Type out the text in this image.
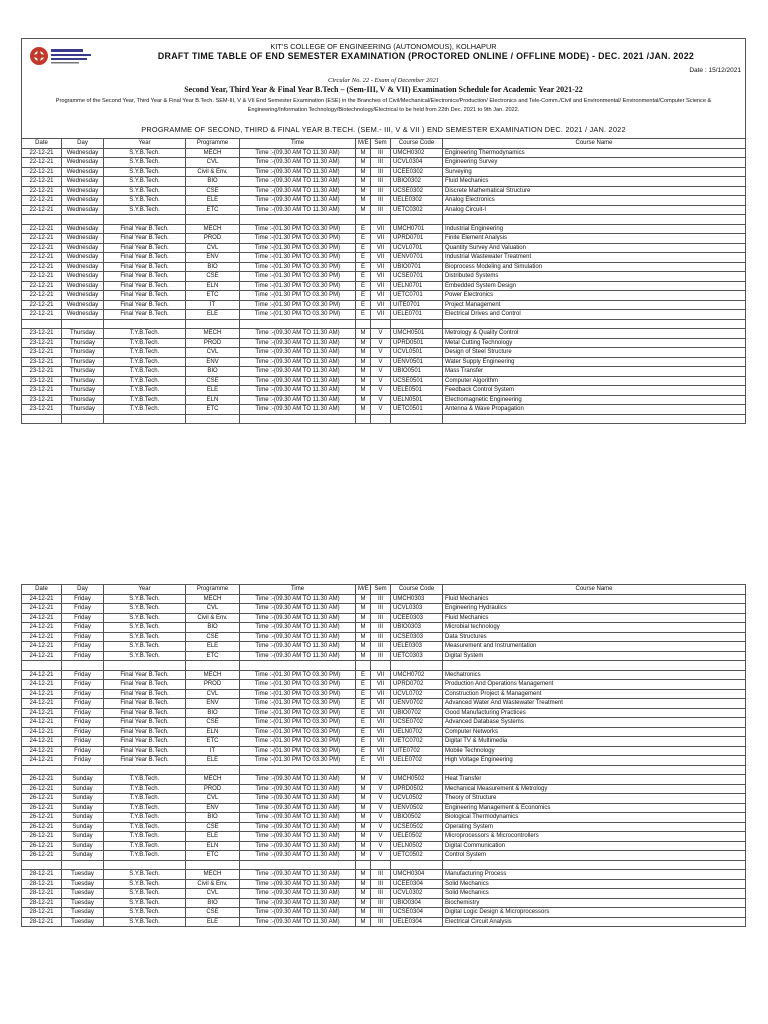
KIT'S COLLEGE OF ENGINEERING (AUTONOMOUS), KOLHAPUR
DRAFT TIME TABLE OF END SEMESTER EXAMINATION (PROCTORED ONLINE / OFFLINE MODE) - DEC. 2021 /JAN. 2022
Date : 15/12/2021
Circular No. 22 - Exam of December 2021
Second Year, Third Year & Final Year B.Tech – (Sem-III, V & VII) Examination Schedule for Academic Year 2021-22
Programme of the Second Year, Third Year & Final Year B.Tech. SEM-III, V & VII End Semester Examination (ESE) in the Branches of Civil/Mechanical/Electronics/Production/ Electronics and Tele-Comm./Civil and Environmental/ Environmental/Computer Science & Engineering/Information Technology/Biotechnology/Electrical to be held from 22th Dec. 2021 to 9th Jan. 2022.
PROGRAMME OF SECOND, THIRD & FINAL YEAR B.TECH. (SEM.- III, V & VII ) END SEMESTER EXAMINATION DEC. 2021 / JAN. 2022
Date	Day	Year	Programme	Time	M/E	Sem	Course Code	Course Name
22-12-21	Wednesday	S.Y.B.Tech.	MECH	Time :-(09.30 AM TO 11.30 AM)	M	III	UMCH0302	Engineering Thermodynamics
22-12-21	Wednesday	S.Y.B.Tech.	CVL	Time :-(09.30 AM TO 11.30 AM)	M	III	UCVL0304	Engineering Survey
22-12-21	Wednesday	S.Y.B.Tech.	Civil & Env.	Time :-(09.30 AM TO 11.30 AM)	M	III	UCEE0302	Surveying
22-12-21	Wednesday	S.Y.B.Tech.	BIO	Time :-(09.30 AM TO 11.30 AM)	M	III	UBIO0302	Fluid Mechanics
22-12-21	Wednesday	S.Y.B.Tech.	CSE	Time :-(09.30 AM TO 11.30 AM)	M	III	UCSE0302	Discrete Mathematical Structure
22-12-21	Wednesday	S.Y.B.Tech.	ELE	Time :-(09.30 AM TO 11.30 AM)	M	III	UELE0302	Analog Electronics
22-12-21	Wednesday	S.Y.B.Tech.	ETC	Time :-(09.30 AM TO 11.30 AM)	M	III	UETC0302	Analog Circuit-I

22-12-21	Wednesday	Final Year B.Tech.	MECH	Time :-(01.30 PM TO 03.30 PM)	E	VII	UMCH0701	Industrial Engineering
22-12-21	Wednesday	Final Year B.Tech.	PROD	Time :-(01.30 PM TO 03.30 PM)	E	VII	UPRD0701	Finite Element Analysis
22-12-21	Wednesday	Final Year B.Tech.	CVL	Time :-(01.30 PM TO 03.30 PM)	E	VII	UCVL0701	Quantity Survey And Valuation
22-12-21	Wednesday	Final Year B.Tech.	ENV	Time :-(01.30 PM TO 03.30 PM)	E	VII	UENV0701	Industrial Wastewater Treatment
22-12-21	Wednesday	Final Year B.Tech.	BIO	Time :-(01.30 PM TO 03.30 PM)	E	VII	UBIO0701	Bioprocess Modeling and Simulation
22-12-21	Wednesday	Final Year B.Tech.	CSE	Time :-(01.30 PM TO 03.30 PM)	E	VII	UCSE0701	Distributed Systems
22-12-21	Wednesday	Final Year B.Tech.	ELN	Time :-(01.30 PM TO 03.30 PM)	E	VII	UELN0701	Embedded System Design
22-12-21	Wednesday	Final Year B.Tech.	ETC	Time :-(01.30 PM TO 03.30 PM)	E	VII	UETC0701	Power Electronics
22-12-21	Wednesday	Final Year B.Tech.	IT	Time :-(01.30 PM TO 03.30 PM)	E	VII	UITE0701	Project Management
22-12-21	Wednesday	Final Year B.Tech.	ELE	Time :-(01.30 PM TO 03.30 PM)	E	VII	UELE0701	Electrical Drives and Control

23-12-21	Thursday	T.Y.B.Tech.	MECH	Time :-(09.30 AM TO 11.30 AM)	M	V	UMCH0501	Metrology & Quality Control
23-12-21	Thursday	T.Y.B.Tech.	PROD	Time :-(09.30 AM TO 11.30 AM)	M	V	UPRD0501	Metal Cutting Technology
23-12-21	Thursday	T.Y.B.Tech.	CVL	Time :-(09.30 AM TO 11.30 AM)	M	V	UCVL0501	Design of Steel Structure
23-12-21	Thursday	T.Y.B.Tech.	ENV	Time :-(09.30 AM TO 11.30 AM)	M	V	UENV0501	Water Supply Engineering
23-12-21	Thursday	T.Y.B.Tech.	BIO	Time :-(09.30 AM TO 11.30 AM)	M	V	UBIO0501	Mass Transfer
23-12-21	Thursday	T.Y.B.Tech.	CSE	Time :-(09.30 AM TO 11.30 AM)	M	V	UCSE0501	Computer Algorithm
23-12-21	Thursday	T.Y.B.Tech.	ELE	Time :-(09.30 AM TO 11.30 AM)	M	V	UELE0501	Feedback Control System
23-12-21	Thursday	T.Y.B.Tech.	ELN	Time :-(09.30 AM TO 11.30 AM)	M	V	UELN0501	Electromagnetic Engineering
23-12-21	Thursday	T.Y.B.Tech.	ETC	Time :-(09.30 AM TO 11.30 AM)	M	V	UETC0501	Antenna & Wave Propagation

Date	Day	Year	Programme	Time	M/E	Sem	Course Code	Course Name
24-12-21	Friday	S.Y.B.Tech.	MECH	Time :-(09.30 AM TO 11.30 AM)	M	III	UMCH0303	Fluid Mechanics
24-12-21	Friday	S.Y.B.Tech.	CVL	Time :-(09.30 AM TO 11.30 AM)	M	III	UCVL0303	Engineering Hydraulics
24-12-21	Friday	S.Y.B.Tech.	Civil & Env.	Time :-(09.30 AM TO 11.30 AM)	M	III	UCEE0303	Fluid Mechanics
24-12-21	Friday	S.Y.B.Tech.	BIO	Time :-(09.30 AM TO 11.30 AM)	M	III	UBIO0303	Microbial technology
24-12-21	Friday	S.Y.B.Tech.	CSE	Time :-(09.30 AM TO 11.30 AM)	M	III	UCSE0303	Data Structures
24-12-21	Friday	S.Y.B.Tech.	ELE	Time :-(09.30 AM TO 11.30 AM)	M	III	UELE0303	Measurement and Instrumentation
24-12-21	Friday	S.Y.B.Tech.	ETC	Time :-(09.30 AM TO 11.30 AM)	M	III	UETC0303	Digital System

24-12-21	Friday	Final Year B.Tech.	MECH	Time :-(01.30 PM TO 03.30 PM)	E	VII	UMCH0702	Mechatronics
24-12-21	Friday	Final Year B.Tech.	PROD	Time :-(01.30 PM TO 03.30 PM)	E	VII	UPRD0702	Production And Operations Management
24-12-21	Friday	Final Year B.Tech.	CVL	Time :-(01.30 PM TO 03.30 PM)	E	VII	UCVL0702	Construction Project & Management
24-12-21	Friday	Final Year B.Tech.	ENV	Time :-(01.30 PM TO 03.30 PM)	E	VII	UENV0702	Advanced Water And Wastewater Treatment
24-12-21	Friday	Final Year B.Tech.	BIO	Time :-(01.30 PM TO 03.30 PM)	E	VII	UBIO0702	Good Manufacturing Practices
24-12-21	Friday	Final Year B.Tech.	CSE	Time :-(01.30 PM TO 03.30 PM)	E	VII	UCSE0702	Advanced Database Systems
24-12-21	Friday	Final Year B.Tech.	ELN	Time :-(01.30 PM TO 03.30 PM)	E	VII	UELN0702	Computer Networks
24-12-21	Friday	Final Year B.Tech.	ETC	Time :-(01.30 PM TO 03.30 PM)	E	VII	UETC0702	Digital TV & Multimedia
24-12-21	Friday	Final Year B.Tech.	IT	Time :-(01.30 PM TO 03.30 PM)	E	VII	UITE0702	Mobile Technology
24-12-21	Friday	Final Year B.Tech.	ELE	Time :-(01.30 PM TO 03.30 PM)	E	VII	UELE0702	High Voltage Engineering

26-12-21	Sunday	T.Y.B.Tech.	MECH	Time :-(09.30 AM TO 11.30 AM)	M	V	UMCH0502	Heat Transfer
26-12-21	Sunday	T.Y.B.Tech.	PROD	Time :-(09.30 AM TO 11.30 AM)	M	V	UPRD0502	Mechanical Measurement & Metrology
26-12-21	Sunday	T.Y.B.Tech.	CVL	Time :-(09.30 AM TO 11.30 AM)	M	V	UCVL0502	Theory of Structure
26-12-21	Sunday	T.Y.B.Tech.	ENV	Time :-(09.30 AM TO 11.30 AM)	M	V	UENV0502	Engineering Management & Economics
26-12-21	Sunday	T.Y.B.Tech.	BIO	Time :-(09.30 AM TO 11.30 AM)	M	V	UBIO0502	Biological Thermodynamics
26-12-21	Sunday	T.Y.B.Tech.	CSE	Time :-(09.30 AM TO 11.30 AM)	M	V	UCSE0502	Operating System
26-12-21	Sunday	T.Y.B.Tech.	ELE	Time :-(09.30 AM TO 11.30 AM)	M	V	UELE0502	Microprocessors & Microcontrollers
26-12-21	Sunday	T.Y.B.Tech.	ELN	Time :-(09.30 AM TO 11.30 AM)	M	V	UELN0502	Digital Communication
26-12-21	Sunday	T.Y.B.Tech.	ETC	Time :-(09.30 AM TO 11.30 AM)	M	V	UETC0502	Control System

28-12-21	Tuesday	S.Y.B.Tech.	MECH	Time :-(09.30 AM TO 11.30 AM)	M	III	UMCH0304	Manufacturing Process
28-12-21	Tuesday	S.Y.B.Tech.	Civil & Env.	Time :-(09.30 AM TO 11.30 AM)	M	III	UCEE0304	Solid Mechanics
28-12-21	Tuesday	S.Y.B.Tech.	CVL	Time :-(09.30 AM TO 11.30 AM)	M	III	UCVL0302	Solid Mechanics
28-12-21	Tuesday	S.Y.B.Tech.	BIO	Time :-(09.30 AM TO 11.30 AM)	M	III	UBIO0304	Biochemistry
28-12-21	Tuesday	S.Y.B.Tech.	CSE	Time :-(09.30 AM TO 11.30 AM)	M	III	UCSE0304	Digital Logic Design & Microprocessors
28-12-21	Tuesday	S.Y.B.Tech.	ELE	Time :-(09.30 AM TO 11.30 AM)	M	III	UELE0304	Electrical Circuit Analysis
